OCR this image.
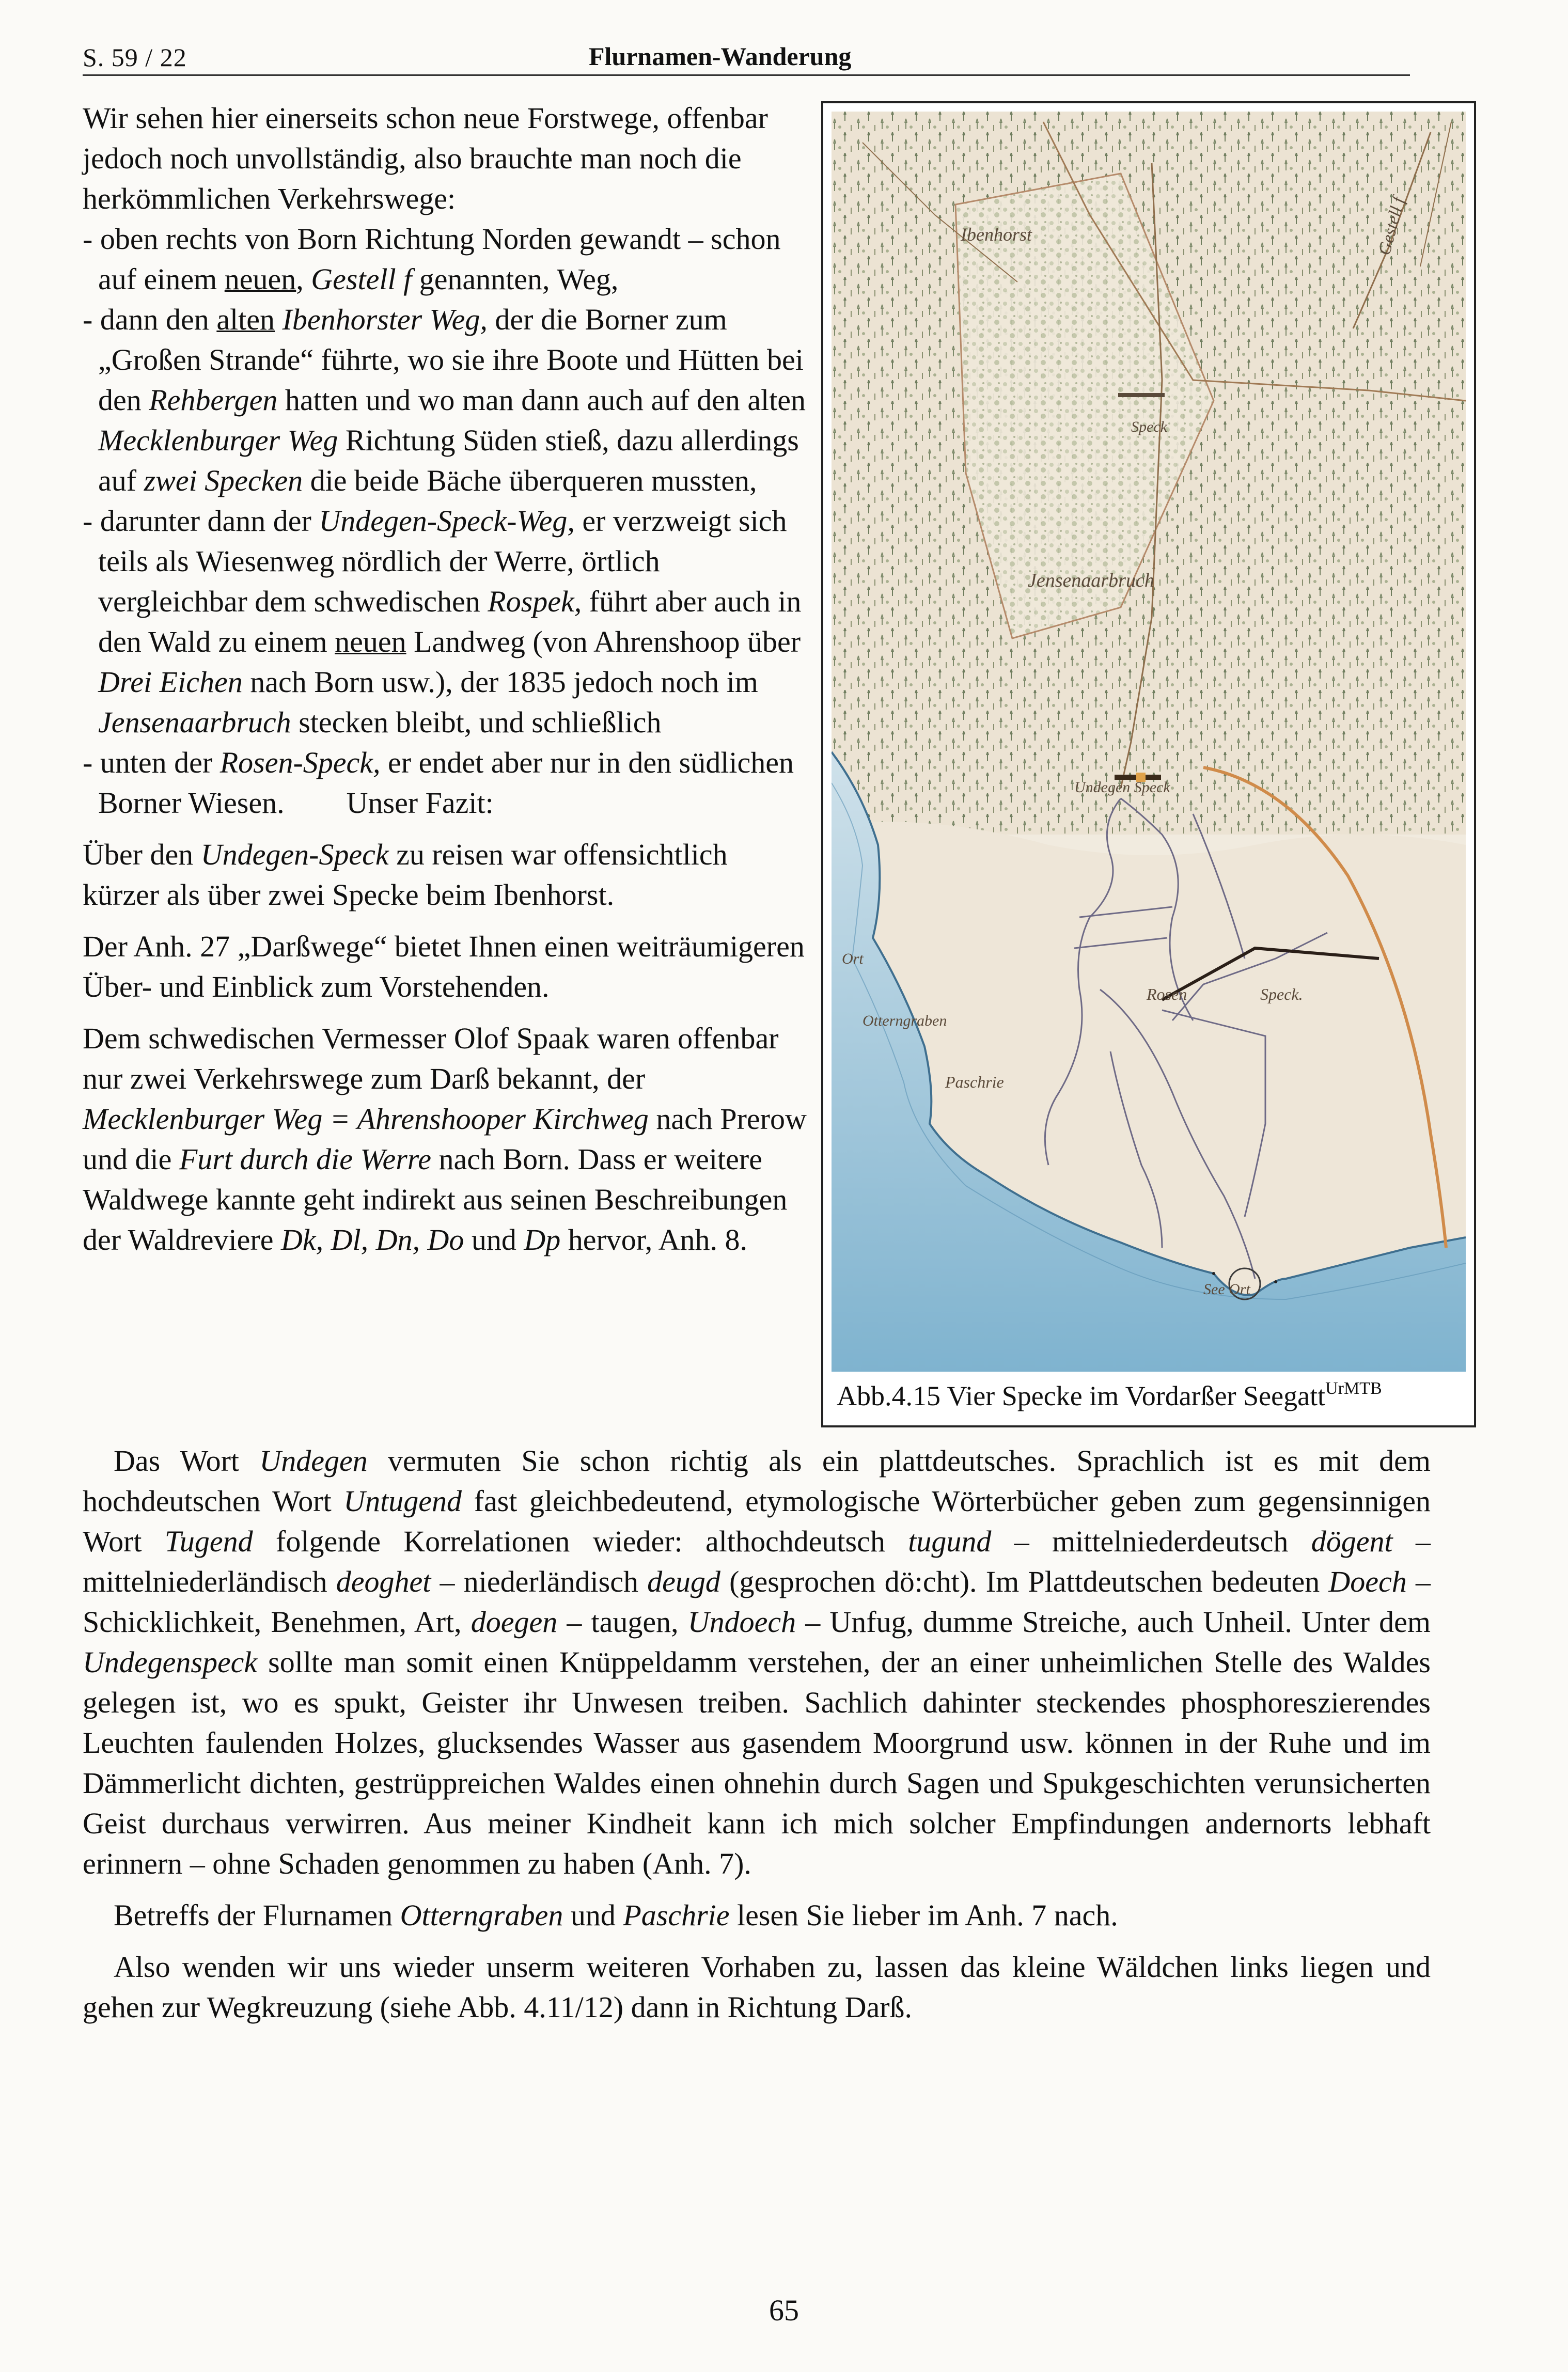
S. 59 / 22	Flurnamen-Wanderung

Wir sehen hier einerseits schon neue Forstwege, offenbar jedoch noch unvollständig, also brauchte man noch die herkömmlichen Verkehrswege:

- oben rechts von Born Richtung Norden gewandt – schon auf einem neuen, Gestell f genannten, Weg,

- dann den alten Ibenhorster Weg, der die Borner zum „Großen Strande“ führte, wo sie ihre Boote und Hütten bei den Rehbergen hatten und wo man dann auch auf den alten Mecklenburger Weg Richtung Süden stieß, dazu allerdings auf zwei Specken die beide Bäche überqueren mussten,

- darunter dann der Undegen-Speck-Weg, er verzweigt sich teils als Wiesenweg nördlich der Werre, örtlich vergleichbar dem schwedischen Rospek, führt aber auch in den Wald zu einem neuen Landweg (von Ahrenshoop über Drei Eichen nach Born usw.), der 1835 jedoch noch im Jensenaarbruch stecken bleibt, und schließlich

- unten der Rosen-Speck, er endet aber nur in den südlichen Borner Wiesen. Unser Fazit:

Über den Undegen-Speck zu reisen war offensichtlich kürzer als über zwei Specke beim Ibenhorst.

Der Anh. 27 „Darßwege“ bietet Ihnen einen weiträumigeren Über- und Einblick zum Vorstehenden.

Dem schwedischen Vermesser Olof Spaak waren offenbar nur zwei Verkehrswege zum Darß bekannt, der Mecklenburger Weg = Ahrenshooper Kirchweg nach Prerow und die Furt durch die Werre nach Born. Dass er weitere Waldwege kannte geht indirekt aus seinen Beschreibungen der Waldreviere Dk, Dl, Dn, Do und Dp hervor, Anh. 8.

Ibenhorst	Gestell f
Speck
Jensenaarbruch
Undegen Speck
Ort
Rosen	Speck.
Otterngraben
Paschrie
See Ort
Abb.4.15 Vier Specke im Vordarßer Seegatt$^{UrMTB}$

Das Wort Undegen vermuten Sie schon richtig als ein plattdeutsches. Sprachlich ist es mit dem hochdeutschen Wort Untugend fast gleichbedeutend, etymologische Wörterbücher geben zum gegensinnigen Wort Tugend folgende Korrelationen wieder: althochdeutsch tugund – mittelniederdeutsch dögent – mittelniederländisch deoghet – niederländisch deugd (gesprochen dö:cht). Im Plattdeutschen bedeuten Doech – Schicklichkeit, Benehmen, Art, doegen – taugen, Undoech – Unfug, dumme Streiche, auch Unheil. Unter dem Undegenspeck sollte man somit einen Knüppeldamm verstehen, der an einer unheimlichen Stelle des Waldes gelegen ist, wo es spukt, Geister ihr Unwesen treiben. Sachlich dahinter steckendes phosphoreszierendes Leuchten faulenden Holzes, glucksendes Wasser aus gasendem Moorgrund usw. können in der Ruhe und im Dämmerlicht dichten, gestrüppreichen Waldes einen ohnehin durch Sagen und Spukgeschichten verunsicherten Geist durchaus verwirren. Aus meiner Kindheit kann ich mich solcher Empfindungen andernorts lebhaft erinnern – ohne Schaden genommen zu haben (Anh. 7).

Betreffs der Flurnamen Otterngraben und Paschrie lesen Sie lieber im Anh. 7 nach.

Also wenden wir uns wieder unserm weiteren Vorhaben zu, lassen das kleine Wäldchen links liegen und gehen zur Wegkreuzung (siehe Abb. 4.11/12) dann in Richtung Darß.

65
